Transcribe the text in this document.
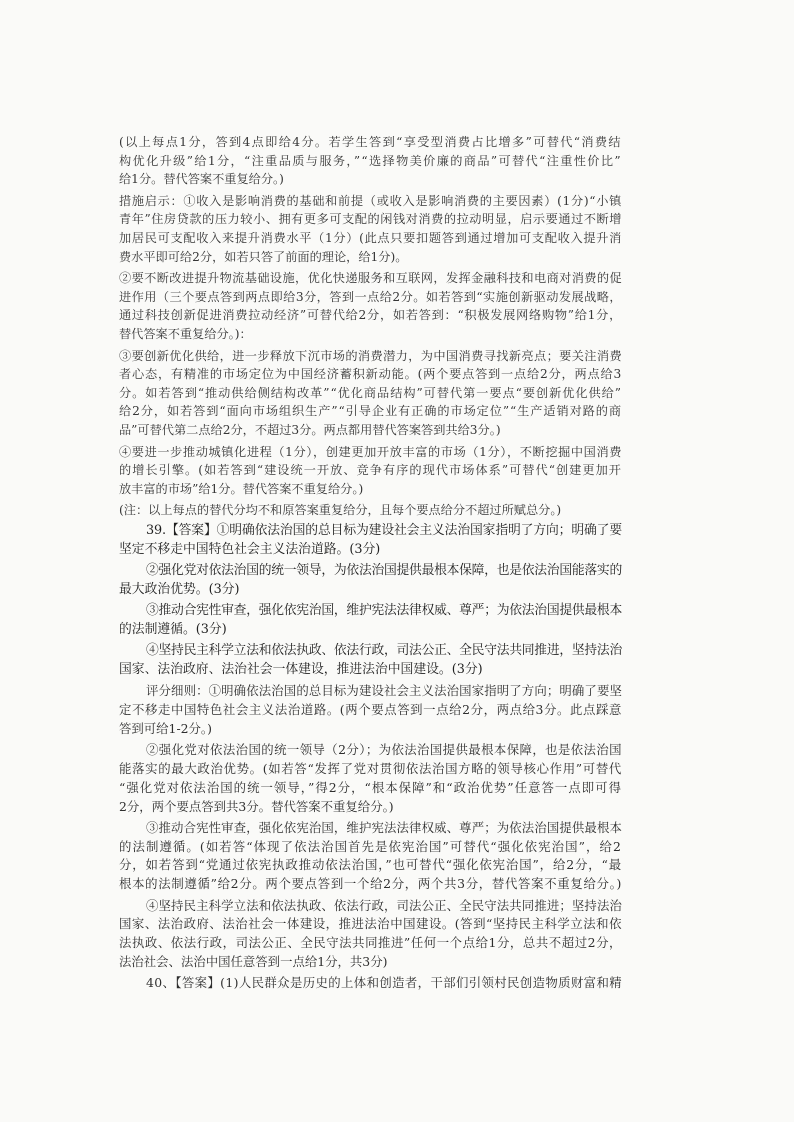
(以上每点1分，答到4点即给4分。若学生答到“享受型消费占比增多”可替代“消费结
构优化升级”给1分，“注重品质与服务，”“选择物美价廉的商品”可替代“注重性价比”
给1分。替代答案不重复给分。)
措施启示：①收入是影响消费的基础和前提（或收入是影响消费的主要因素）(1分)“小镇
青年”住房贷款的压力较小、拥有更多可支配的闲钱对消费的拉动明显，启示要通过不断增
加居民可支配收入来提升消费水平（1分）(此点只要扣题答到通过增加可支配收入提升消
费水平即可给2分，如若只答了前面的理论，给1分)。
②要不断改进提升物流基础设施，优化快递服务和互联网，发挥金融科技和电商对消费的促
进作用（三个要点答到两点即给3分，答到一点给2分。如若答到“实施创新驱动发展战略，
通过科技创新促进消费拉动经济”可替代给2分，如若答到：“积极发展网络购物”给1分，
替代答案不重复给分。)：
③要创新优化供给，进一步释放下沉市场的消费潜力，为中国消费寻找新亮点；要关注消费
者心态，有精准的市场定位为中国经济蓄积新动能。(两个要点答到一点给2分，两点给3
分。如若答到“推动供给侧结构改革”“优化商品结构”可替代第一要点“要创新优化供给”
给2分，如若答到“面向市场组织生产”“引导企业有正确的市场定位”“生产适销对路的商
品”可替代第二点给2分，不超过3分。两点都用替代答案答到共给3分。)
④要进一步推动城镇化进程（1分），创建更加开放丰富的市场（1分），不断挖掘中国消费
的增长引擎。(如若答到“建设统一开放、竞争有序的现代市场体系”可替代“创建更加开
放丰富的市场”给1分。替代答案不重复给分。)
(注：以上每点的替代分均不和原答案重复给分，且每个要点给分不超过所赋总分。)
39.【答案】①明确依法治国的总目标为建设社会主义法治国家指明了方向；明确了要
坚定不移走中国特色社会主义法治道路。(3分)
②强化党对依法治国的统一领导，为依法治国提供最根本保障，也是依法治国能落实的
最大政治优势。(3分)
③推动合宪性审查，强化依宪治国，维护宪法法律权威、尊严；为依法治国提供最根本
的法制遵循。(3分)
④坚持民主科学立法和依法执政、依法行政，司法公正、全民守法共同推进，坚持法治
国家、法治政府、法治社会一体建设，推进法治中国建设。(3分)
评分细则：①明确依法治国的总目标为建设社会主义法治国家指明了方向；明确了要坚
定不移走中国特色社会主义法治道路。(两个要点答到一点给2分，两点给3分。此点踩意
答到可给1-2分。)
②强化党对依法治国的统一领导（2分）；为依法治国提供最根本保障，也是依法治国
能落实的最大政治优势。(如若答“发挥了党对贯彻依法治国方略的领导核心作用”可替代
“强化党对依法治国的统一领导，”得2分，“根本保障”和“政治优势”任意答一点即可得
2分，两个要点答到共3分。替代答案不重复给分。)
③推动合宪性审查，强化依宪治国，维护宪法法律权威、尊严；为依法治国提供最根本
的法制遵循。(如若答“体现了依法治国首先是依宪治国”可替代“强化依宪治国”，给2
分，如若答到“党通过依宪执政推动依法治国，”也可替代“强化依宪治国”，给2分，“最
根本的法制遵循”给2分。两个要点答到一个给2分，两个共3分，替代答案不重复给分。)
④坚持民主科学立法和依法执政、依法行政，司法公正、全民守法共同推进；坚持法治
国家、法治政府、法治社会一体建设，推进法治中国建设。(答到“坚持民主科学立法和依
法执政、依法行政，司法公正、全民守法共同推进”任何一个点给1分，总共不超过2分，
法治社会、法治中国任意答到一点给1分，共3分)
40、【答案】(1)人民群众是历史的上体和创造者，干部们引领村民创造物质财富和精
